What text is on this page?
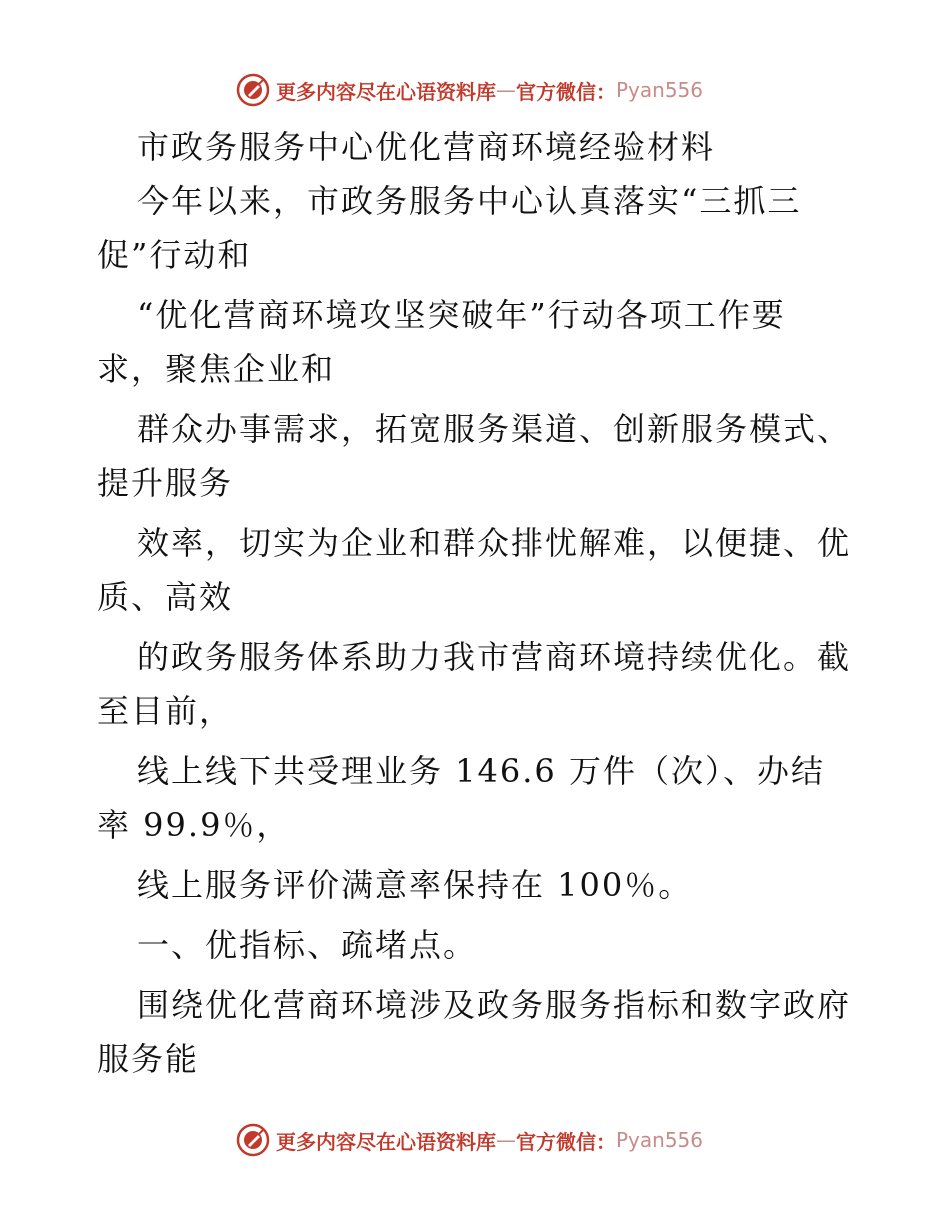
更多内容尽在心语资料库 — 官方微信： Pyan556
市政务服务中心优化营商环境经验材料
今年以来，市政务服务中心认真落实“三抓三
促”行动和
“优化营商环境攻坚突破年”行动各项工作要
求，聚焦企业和
群众办事需求，拓宽服务渠道、创新服务模式、
提升服务
效率，切实为企业和群众排忧解难，以便捷、优
质、高效
的政务服务体系助力我市营商环境持续优化。截
至目前，
线上线下共受理业务 146.6 万件（次）、办结
率 99.9％，
线上服务评价满意率保持在 100％。
一、优指标、疏堵点。
围绕优化营商环境涉及政务服务指标和数字政府
服务能
更多内容尽在心语资料库 — 官方微信： Pyan556
